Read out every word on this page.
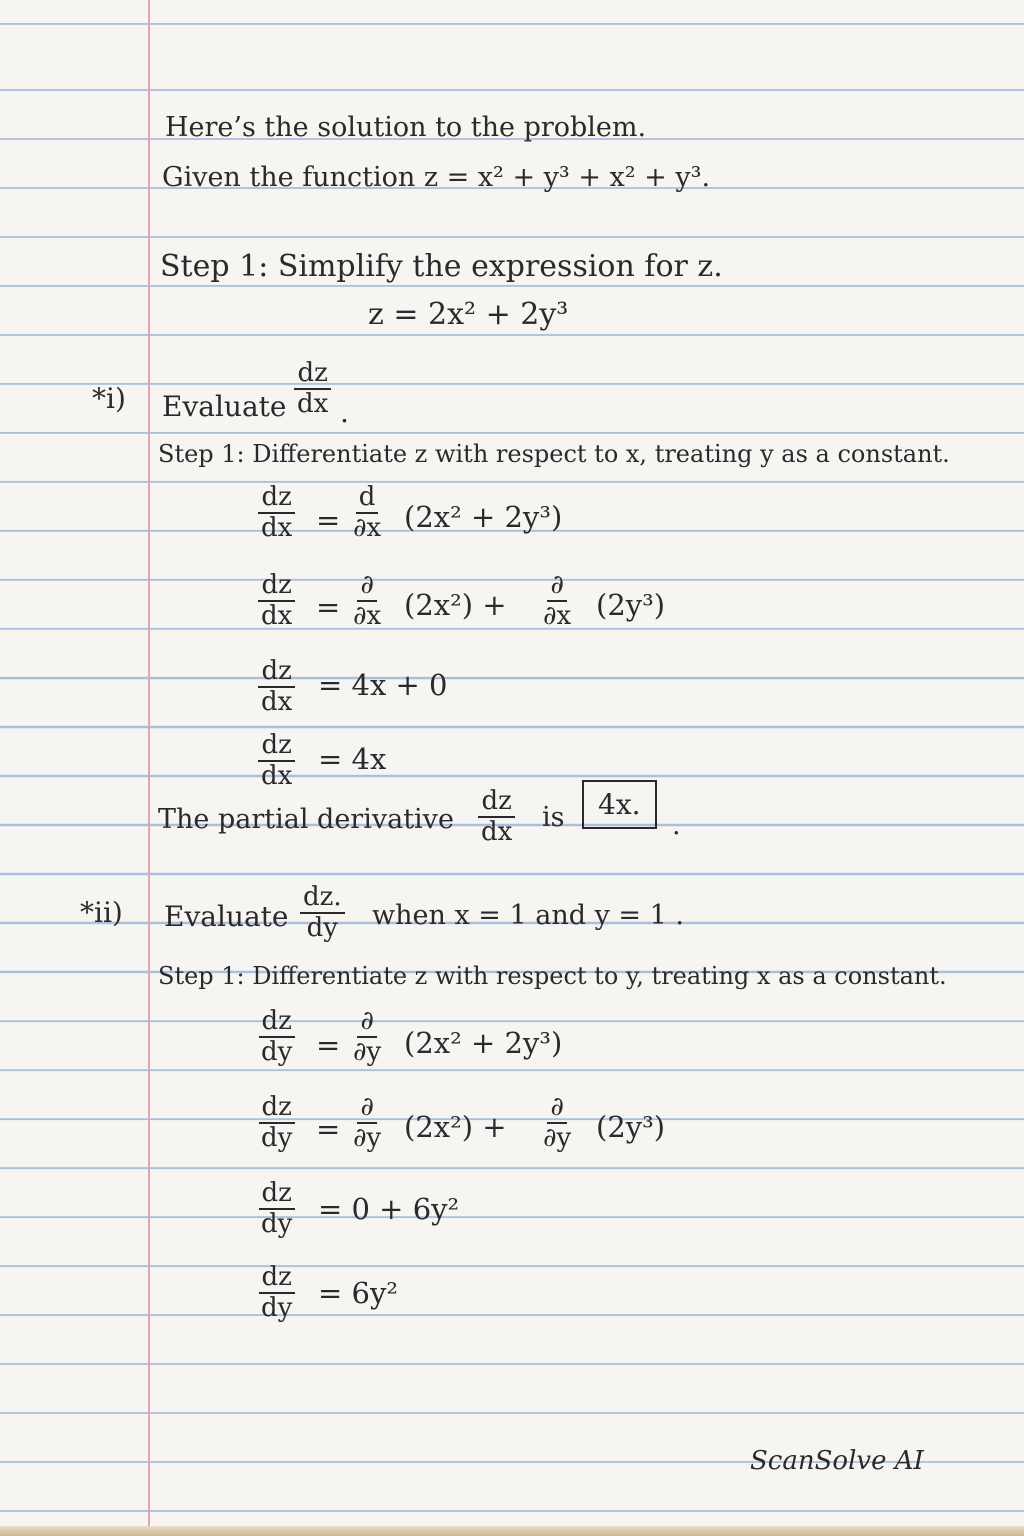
Here’s the solution to the problem.
Given the function z = x² + y³ + x² + y³.
Step 1: Simplify the expression for z.
z = 2x² + 2y³
*i) Evaluate $\frac{dz}{dx}$ .
Step 1: Differentiate z with respect to x, treating y as a constant.
$\frac{dz}{dx} = \frac{d}{\partial x} (2x^2 + 2y^3)$
$\frac{dz}{dx}$ =
∂
∂x (2x²) +
∂
∂x (2y³)
$\frac{dz}{dx} = 4x + 0$
$\frac{dz}{dx} = 4x$
The partial derivative $\frac{dz}{dx}$ is	4x.
.
*ii) Evaluate $\frac{dz.}{dy}$ when x = 1 and y = 1 .
Step 1: Differentiate z with respect to y, treating x as a constant.
$\frac{dz}{dy}$ =
∂
∂y (2x² + 2y³)
$\frac{dz}{dy}$ =
∂
∂y (2x²) +
∂
∂y (2y³)
$\frac{dz}{dy} = 0 + 6y^2$
$\frac{dz}{dy} = 6y^2$
ScanSolve AI
